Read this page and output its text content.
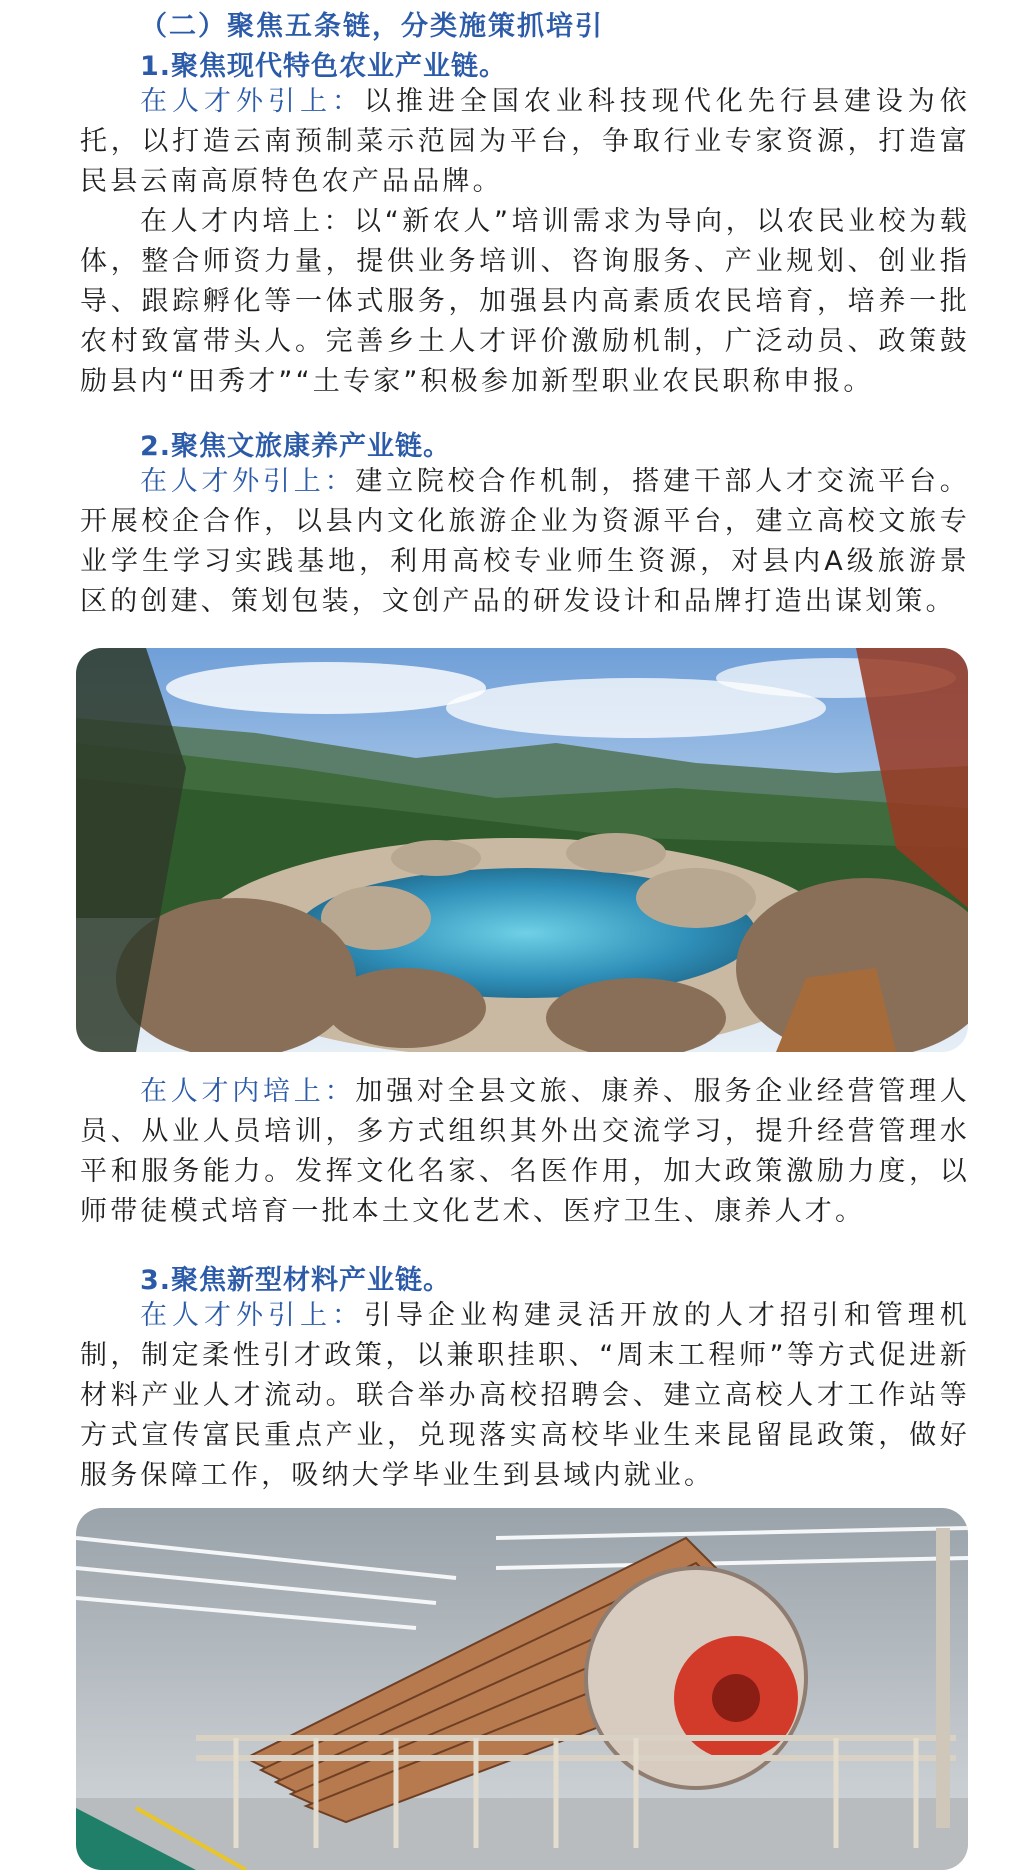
（二）聚焦五条链，分类施策抓培引
1.聚焦现代特色农业产业链。
在人才外引上：以推进全国农业科技现代化先行县建设为依托，以打造云南预制菜示范园为平台，争取行业专家资源，打造富民县云南高原特色农产品品牌。
在人才内培上：以“新农人”培训需求为导向，以农民业校为载体，整合师资力量，提供业务培训、咨询服务、产业规划、创业指导、跟踪孵化等一体式服务，加强县内高素质农民培育，培养一批农村致富带头人。完善乡土人才评价激励机制，广泛动员、政策鼓励县内“田秀才”“土专家”积极参加新型职业农民职称申报。
2.聚焦文旅康养产业链。
在人才外引上：建立院校合作机制，搭建干部人才交流平台。开展校企合作，以县内文化旅游企业为资源平台，建立高校文旅专业学生学习实践基地，利用高校专业师生资源，对县内A级旅游景区的创建、策划包装，文创产品的研发设计和品牌打造出谋划策。
在人才内培上：加强对全县文旅、康养、服务企业经营管理人员、从业人员培训，多方式组织其外出交流学习，提升经营管理水平和服务能力。发挥文化名家、名医作用，加大政策激励力度，以师带徒模式培育一批本土文化艺术、医疗卫生、康养人才。
3.聚焦新型材料产业链。
在人才外引上：引导企业构建灵活开放的人才招引和管理机制，制定柔性引才政策，以兼职挂职、“周末工程师”等方式促进新材料产业人才流动。联合举办高校招聘会、建立高校人才工作站等方式宣传富民重点产业，兑现落实高校毕业生来昆留昆政策，做好服务保障工作，吸纳大学毕业生到县域内就业。
